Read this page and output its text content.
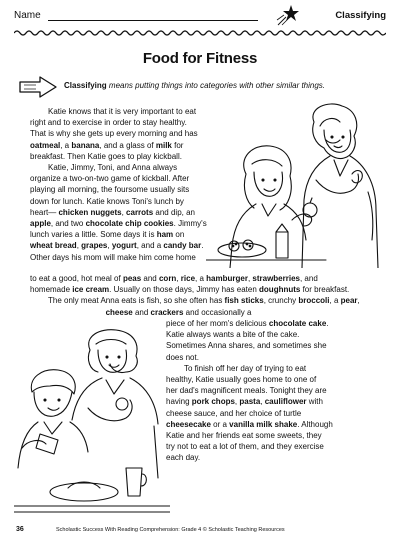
Name	Classifying
Food for Fitness
Classifying means putting things into categories with other similar things.
Katie knows that it is very important to eat
right and to exercise in order to stay healthy.
That is why she gets up every morning and has
oatmeal, a banana, and a glass of milk for
breakfast. Then Katie goes to play kickball.
Katie, Jimmy, Toni, and Anna always
organize a two-on-two game of kickball. After
playing all morning, the foursome usually sits
down for lunch. Katie knows Toni's lunch by
heart— chicken nuggets, carrots and dip, an
apple, and two chocolate chip cookies. Jimmy's
lunch varies a little. Some days it is ham on
wheat bread, grapes, yogurt, and a candy bar.
Other days his mom will make him come home
to eat a good, hot meal of peas and corn, rice, a hamburger, strawberries, and
homemade ice cream. Usually on those days, Jimmy has eaten doughnuts for breakfast.
The only meat Anna eats is fish, so she often has fish sticks, crunchy broccoli, a pear,
cheese and crackers and occasionally a
piece of her mom's delicious chocolate cake.
Katie always wants a bite of the cake.
Sometimes Anna shares, and sometimes she
does not.
To finish off her day of trying to eat
healthy, Katie usually goes home to one of
her dad's magnificent meals. Tonight they are
having pork chops, pasta, cauliflower with
cheese sauce, and her choice of turtle
cheesecake or a vanilla milk shake. Although
Katie and her friends eat some sweets, they
try not to eat a lot of them, and they exercise
each day.
36	Scholastic Success With Reading Comprehension: Grade 4 © Scholastic Teaching Resources
